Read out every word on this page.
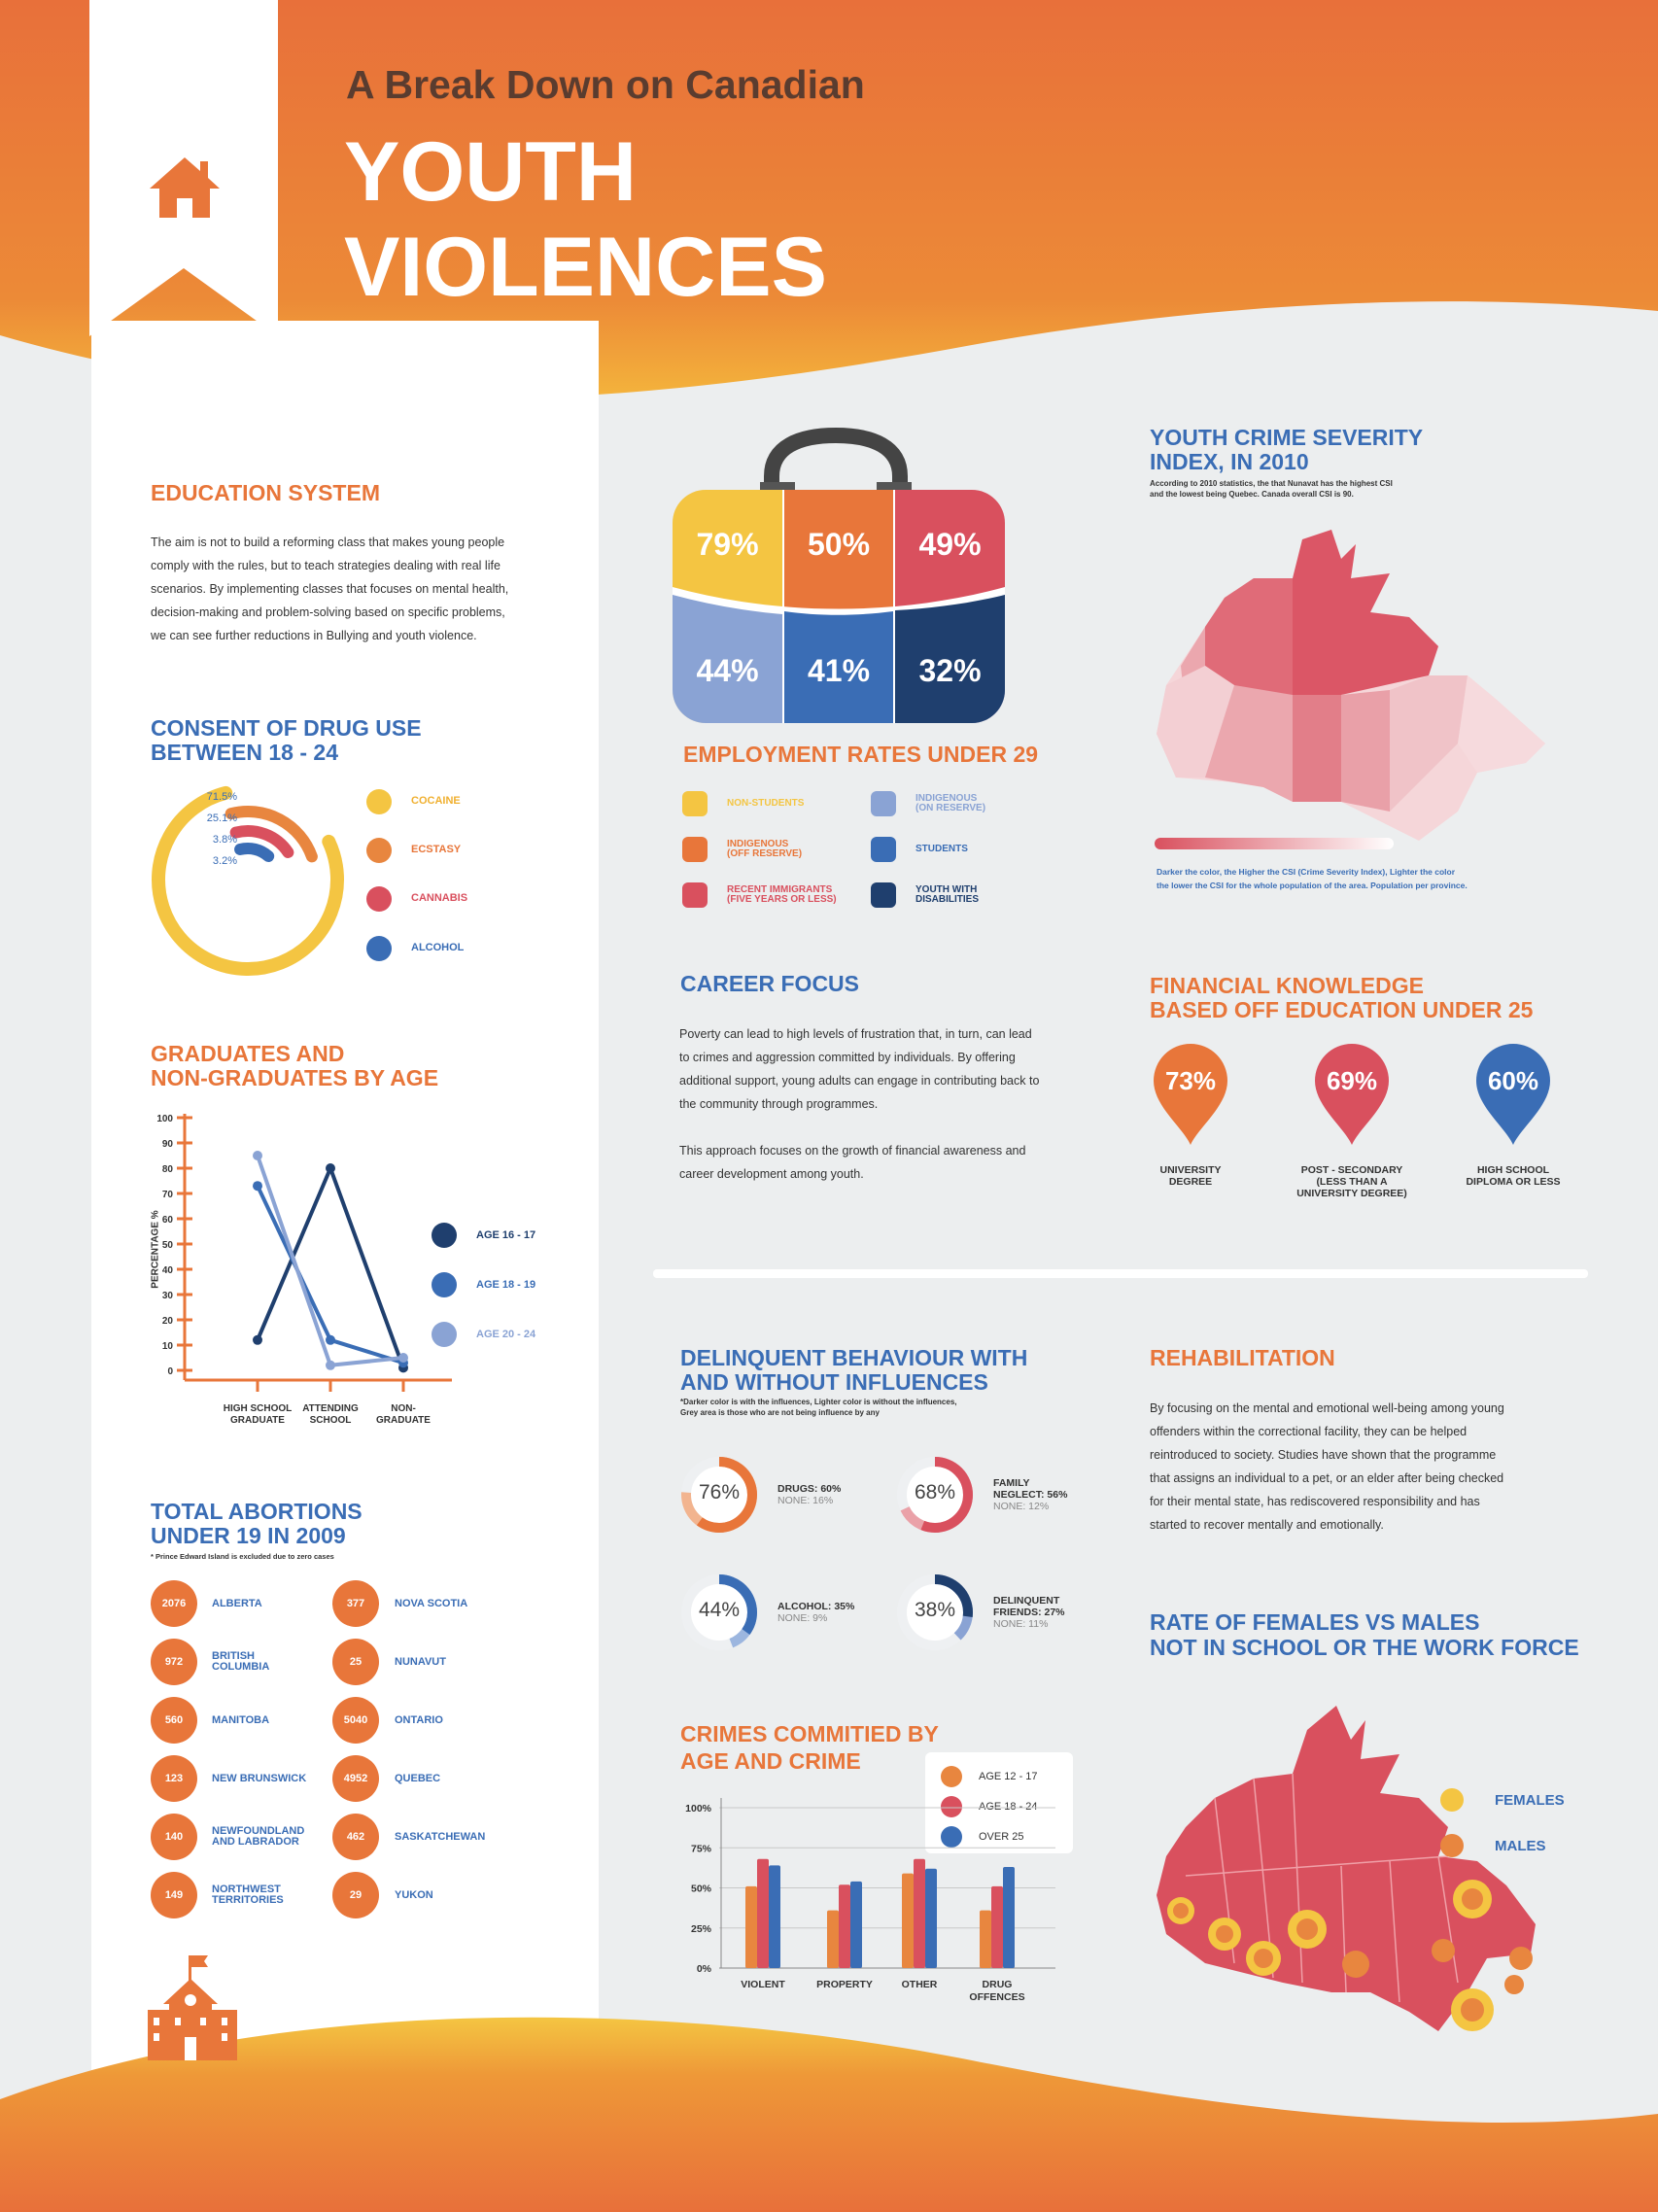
A Break Down on Canadian
YOUTH
VIOLENCES
EDUCATION SYSTEM
The aim is not to build a reforming class that makes young people
comply with the rules, but to teach strategies dealing with real life
scenarios. By implementing classes that focuses on mental health,
decision-making and problem-solving based on specific problems,
we can see further reductions in Bullying and youth violence.
CONSENT OF DRUG USE
BETWEEN 18 - 24
71.5%
25.1%
3.8%
3.2%
COCAINE
ECSTASY
CANNABIS
ALCOHOL
GRADUATES AND
NON-GRADUATES BY AGE
PERCENTAGE %
0
10
20
30
40
50
60
70
80
90
100
HIGH SCHOOL
GRADUATE
ATTENDING
SCHOOL
NON-
GRADUATE
AGE 16 - 17
AGE 18 - 19
AGE 20 - 24
TOTAL ABORTIONS
UNDER 19 IN 2009
* Prince Edward Island is excluded due to zero cases
2076	ALBERTA
972	BRITISH
COLUMBIA
560	MANITOBA
123	NEW BRUNSWICK
140	NEWFOUNDLAND
AND LABRADOR
149	NORTHWEST
TERRITORIES
377	NOVA SCOTIA
25	NUNAVUT
5040	ONTARIO
4952	QUEBEC
462	SASKATCHEWAN
29	YUKON
79%	50%	49%
44%	41%	32%
EMPLOYMENT RATES UNDER 29
NON-STUDENTS
INDIGENOUS
(OFF RESERVE)
RECENT IMMIGRANTS
(FIVE YEARS OR LESS)
INDIGENOUS
(ON RESERVE)
STUDENTS
YOUTH WITH
DISABILITIES
YOUTH CRIME SEVERITY
INDEX, IN 2010
According to 2010 statistics, the that Nunavat has the highest CSI
and the lowest being Quebec. Canada overall CSI is 90.
Darker the color, the Higher the CSI (Crime Severity Index), Lighter the color
the lower the CSI for the whole population of the area. Population per province.
CAREER FOCUS
Poverty can lead to high levels of frustration that, in turn, can lead
to crimes and aggression committed by individuals. By offering
additional support, young adults can engage in contributing back to
the community through programmes.
This approach focuses on the growth of financial awareness and
career development among youth.
FINANCIAL KNOWLEDGE
BASED OFF EDUCATION UNDER 25
73%
UNIVERSITY
DEGREE
69%
POST - SECONDARY
(LESS THAN A
UNIVERSITY DEGREE)
60%
HIGH SCHOOL
DIPLOMA OR LESS
DELINQUENT BEHAVIOUR WITH
AND WITHOUT INFLUENCES
*Darker color is with the influences, Lighter color is without the influences,
Grey area is those who are not being influence by any
76%	DRUGS: 60%
NONE: 16%	68%	FAMILY
NEGLECT: 56%
NONE: 12%
44%	ALCOHOL: 35%
NONE: 9%	38%	DELINQUENT
FRIENDS: 27%
NONE: 11%
CRIMES COMMITIED BY
AGE AND CRIME
AGE 12 - 17
AGE 18 - 24
OVER 25
0%
25%
50%
75%
100%
VIOLENT	PROPERTY	OTHER	DRUG
OFFENCES
REHABILITATION
By focusing on the mental and emotional well-being among young
offenders within the correctional facility, they can be helped
reintroduced to society. Studies have shown that the programme
that assigns an individual to a pet, or an elder after being checked
for their mental state, has rediscovered responsibility and has
started to recover mentally and emotionally.
RATE OF FEMALES VS MALES
NOT IN SCHOOL OR THE WORK FORCE
FEMALES
MALES
